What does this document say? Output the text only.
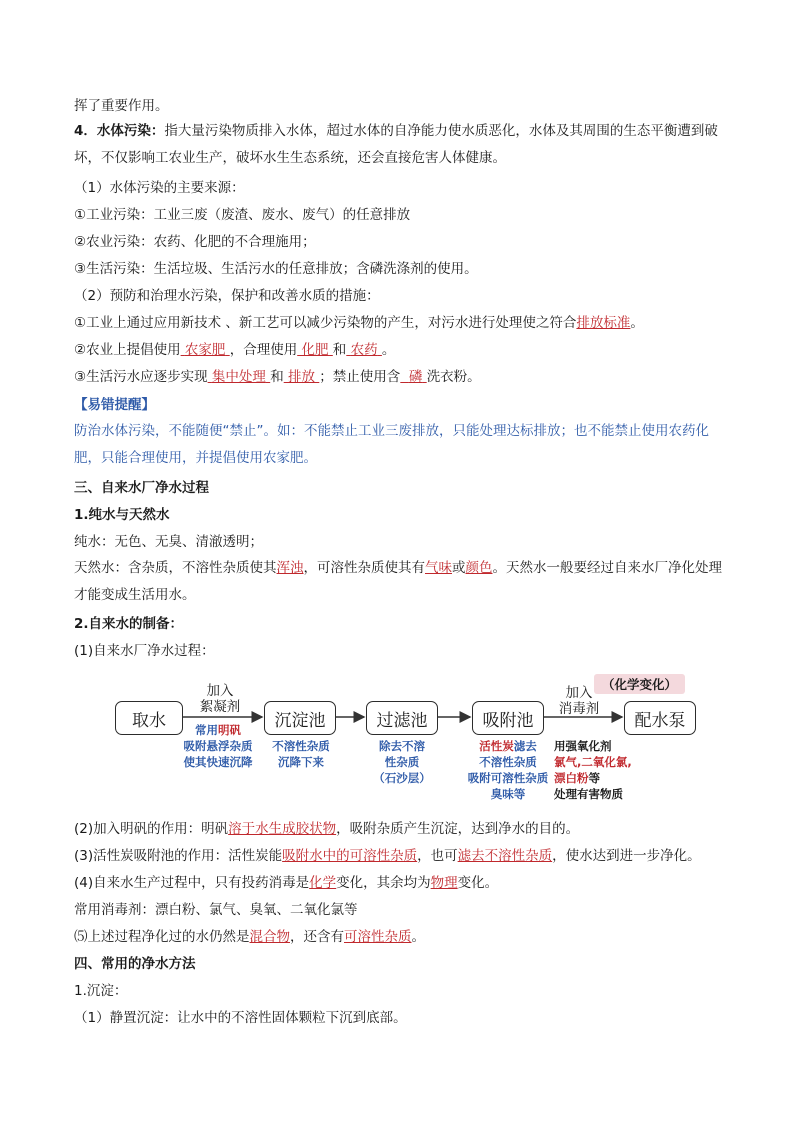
挥了重要作用。
4．水体污染：指大量污染物质排入水体，超过水体的自净能力使水质恶化，水体及其周围的生态平衡遭到破坏，不仅影响工农业生产，破坏水生生态系统，还会直接危害人体健康。
（1）水体污染的主要来源：
①工业污染：工业三废（废渣、废水、废气）的任意排放
②农业污染：农药、化肥的不合理施用；
③生活污染：生活垃圾、生活污水的任意排放；含磷洗涤剂的使用。
（2）预防和治理水污染，保护和改善水质的措施：
①工业上通过应用新技术 、新工艺可以减少污染物的产生，对污水进行处理使之符合排放标准。
②农业上提倡使用 农家肥 ，合理使用 化肥 和 农药 。
③生活污水应逐步实现 集中处理 和 排放 ；禁止使用含 磷 洗衣粉。
【易错提醒】
防治水体污染，不能随便“禁止”。如：不能禁止工业三废排放，只能处理达标排放；也不能禁止使用农药化肥，只能合理使用，并提倡使用农家肥。
三、自来水厂净水过程
1.纯水与天然水
纯水：无色、无臭、清澈透明；
天然水：含杂质，不溶性杂质使其浑浊，可溶性杂质使其有气味或颜色。天然水一般要经过自来水厂净化处理才能变成生活用水。
2.自来水的制备：
(1)自来水厂净水过程：
取水	沉淀池	过滤池	吸附池	配水泵
加入
絮凝剂
加入
消毒剂
（化学变化）
常用明矾
吸附悬浮杂质
使其快速沉降
不溶性杂质
沉降下来
除去不溶
性杂质
（石沙层）
活性炭滤去
不溶性杂质
吸附可溶性杂质
臭味等
用强氧化剂
氯气,二氧化氯,
漂白粉等
处理有害物质
(2)加入明矾的作用：明矾溶于水生成胶状物，吸附杂质产生沉淀，达到净水的目的。
(3)活性炭吸附池的作用：活性炭能吸附水中的可溶性杂质，也可滤去不溶性杂质，使水达到进一步净化。
(4)自来水生产过程中，只有投药消毒是化学变化，其余均为物理变化。
常用消毒剂：漂白粉、氯气、臭氧、二氧化氯等
⑸上述过程净化过的水仍然是混合物，还含有可溶性杂质。
四、常用的净水方法
1.沉淀：
（1）静置沉淀：让水中的不溶性固体颗粒下沉到底部。
